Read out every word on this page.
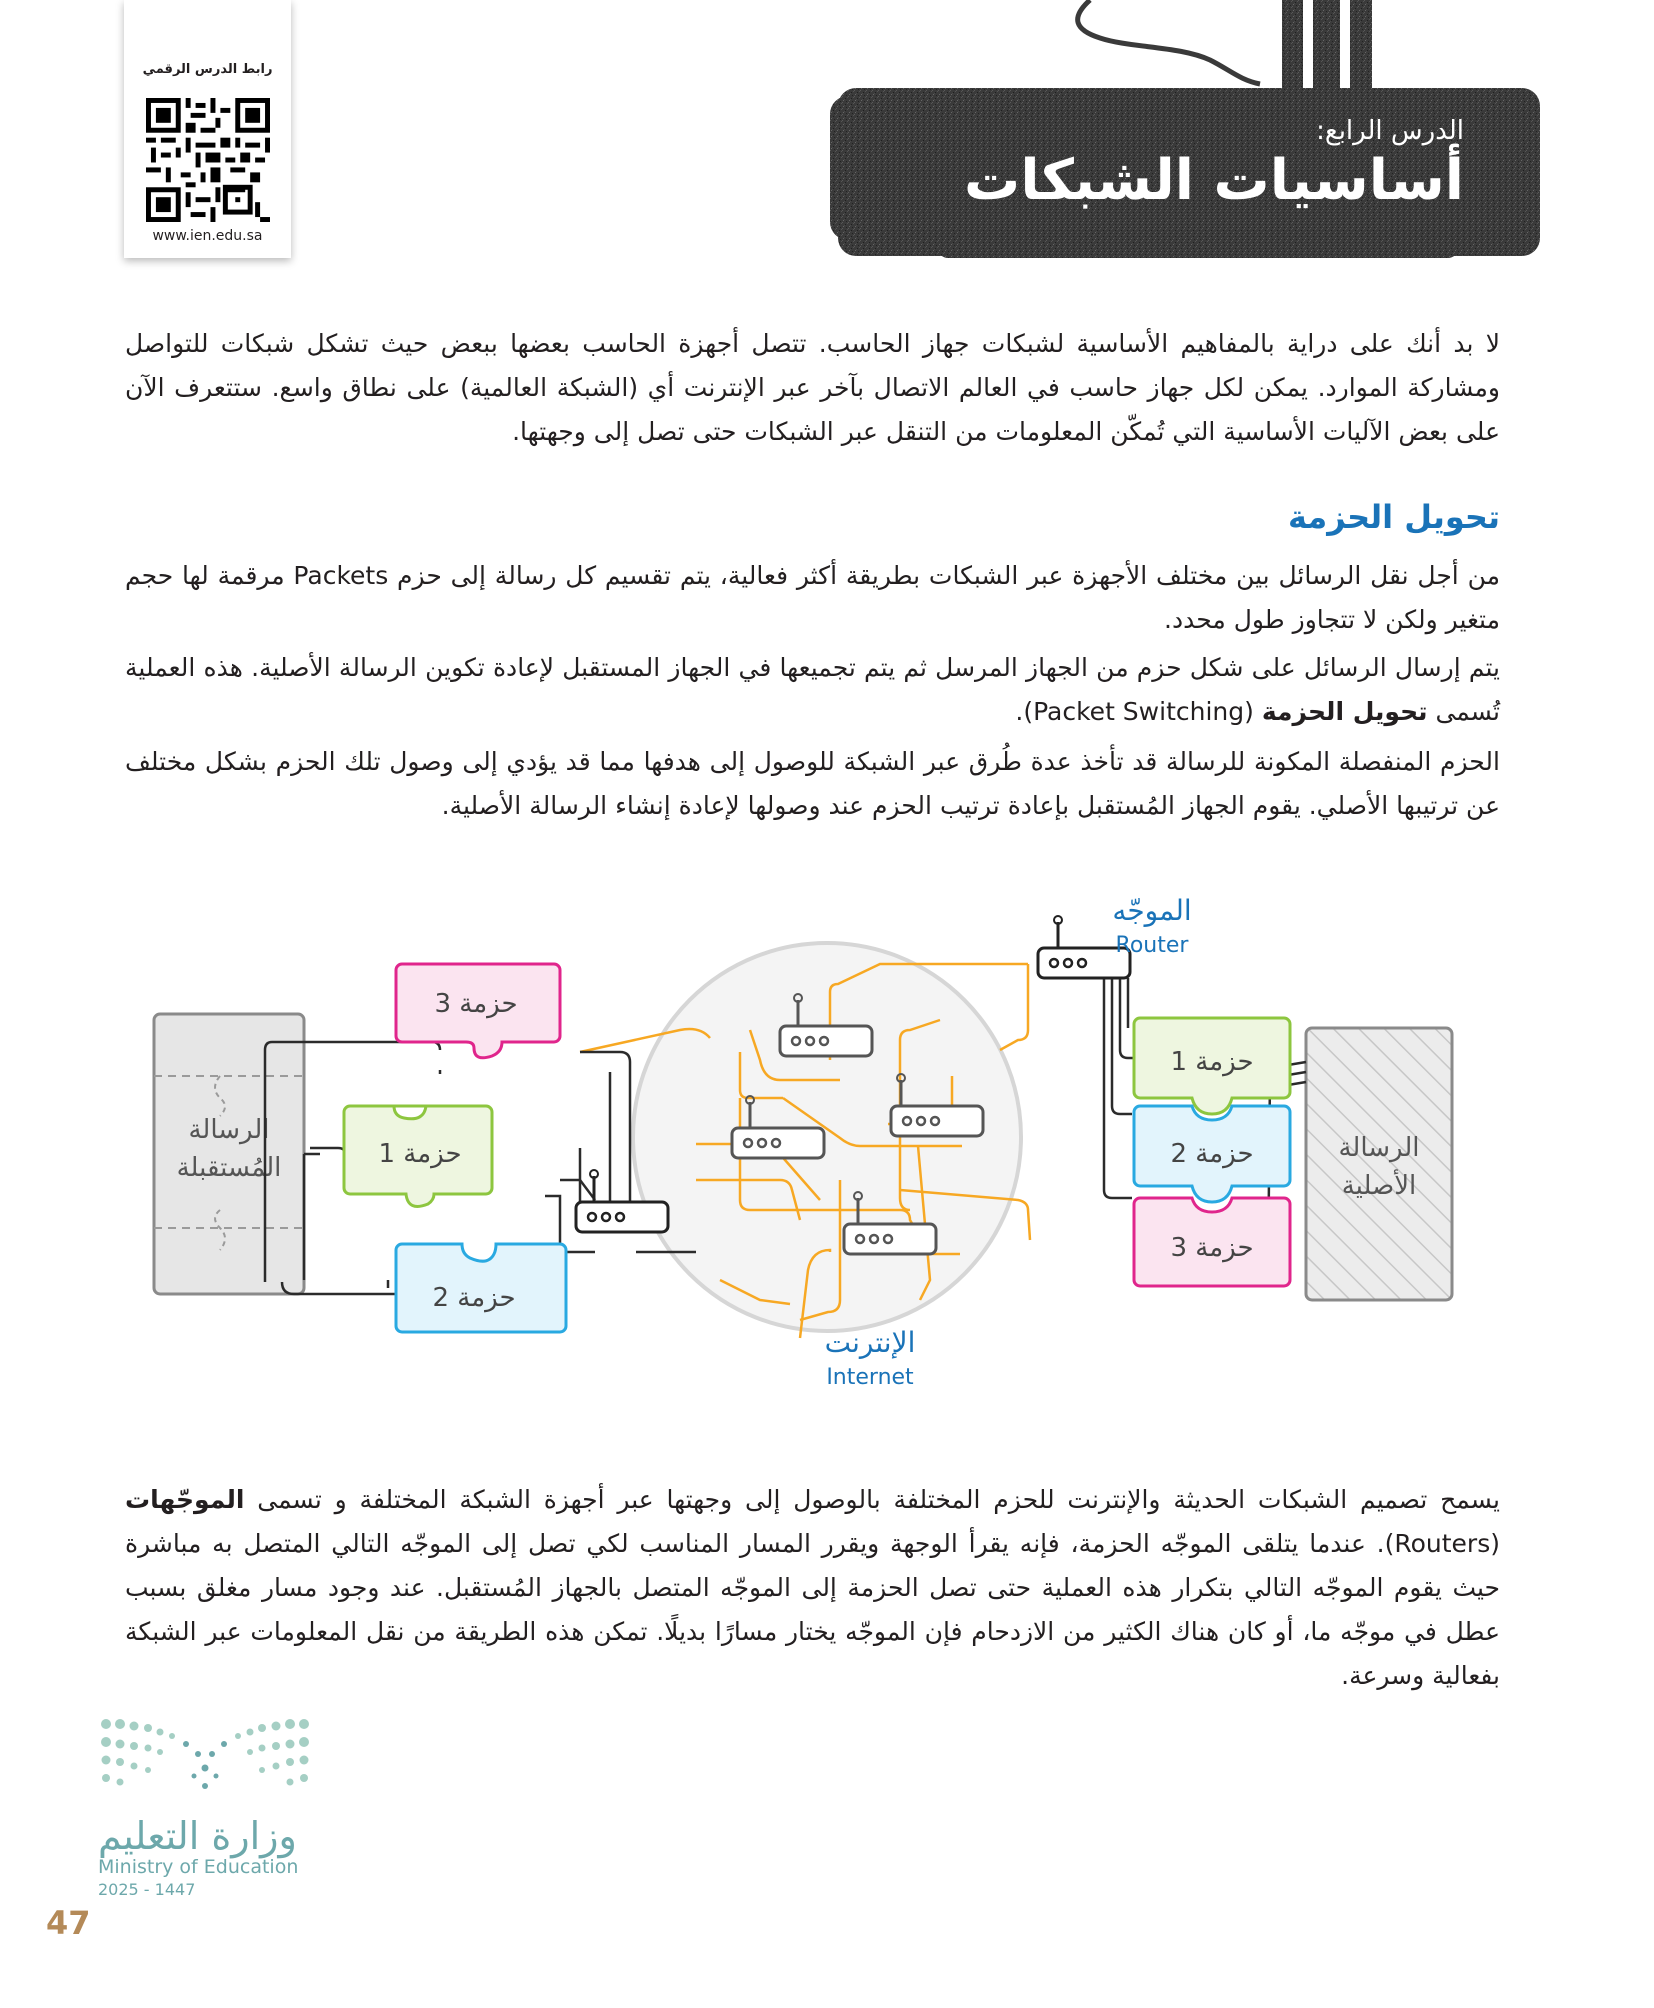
رابط الدرس الرقمي
www.ien.edu.sa
الدرس الرابع:
أساسيات الشبكات

لا بد أنك على دراية بالمفاهيم الأساسية لشبكات جهاز الحاسب. تتصل أجهزة الحاسب بعضها ببعض حيث تشكل شبكات للتواصل ومشاركة الموارد. يمكن لكل جهاز حاسب في العالم الاتصال بآخر عبر الإنترنت أي (الشبكة العالمية) على نطاق واسع. ستتعرف الآن على بعض الآليات الأساسية التي تُمكّن المعلومات من التنقل عبر الشبكات حتى تصل إلى وجهتها.

تحويل الحزمة

من أجل نقل الرسائل بين مختلف الأجهزة عبر الشبكات بطريقة أكثر فعالية، يتم تقسيم كل رسالة إلى حزم Packets مرقمة لها حجم متغير ولكن لا تتجاوز طول محدد.

يتم إرسال الرسائل على شكل حزم من الجهاز المرسل ثم يتم تجميعها في الجهاز المستقبل لإعادة تكوين الرسالة الأصلية. هذه العملية تُسمى تحويل الحزمة (Packet Switching).

الحزم المنفصلة المكونة للرسالة قد تأخذ عدة طُرق عبر الشبكة للوصول إلى هدفها مما قد يؤدي إلى وصول تلك الحزم بشكل مختلف عن ترتيبها الأصلي. يقوم الجهاز المُستقبل بإعادة ترتيب الحزم عند وصولها لإعادة إنشاء الرسالة الأصلية.

الرسالة
المُستقبلة
الرسالة
الأصلية
حزمة 3
حزمة 1
حزمة 2
حزمة 1
حزمة 2
حزمة 3
الموجّه
Router
الإنترنت
Internet

يسمح تصميم الشبكات الحديثة والإنترنت للحزم المختلفة بالوصول إلى وجهتها عبر أجهزة الشبكة المختلفة و تسمى الموجّهات (Routers). عندما يتلقى الموجّه الحزمة، فإنه يقرأ الوجهة ويقرر المسار المناسب لكي تصل إلى الموجّه التالي المتصل به مباشرة حيث يقوم الموجّه التالي بتكرار هذه العملية حتى تصل الحزمة إلى الموجّه المتصل بالجهاز المُستقبل. عند وجود مسار مغلق بسبب عطل في موجّه ما، أو كان هناك الكثير من الازدحام فإن الموجّه يختار مسارًا بديلًا. تمكن هذه الطريقة من نقل المعلومات عبر الشبكة بفعالية وسرعة.

وزارة التعليم
Ministry of Education
2025 - 1447
47
